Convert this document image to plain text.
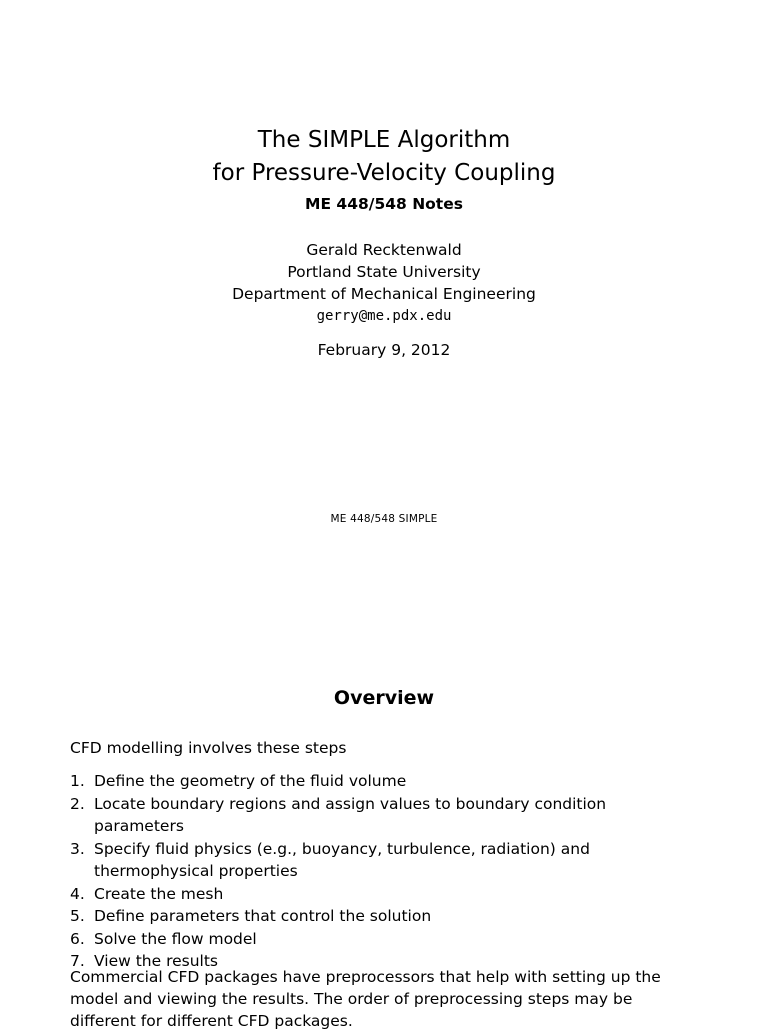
The SIMPLE Algorithm
for Pressure-Velocity Coupling
ME 448/548 Notes
Gerald Recktenwald
Portland State University
Department of Mechanical Engineering
gerry@me.pdx.edu
February 9, 2012
ME 448/548 SIMPLE
Overview
CFD modelling involves these steps
1. Define the geometry of the fluid volume
2. Locate boundary regions and assign values to boundary condition parameters
3. Specify fluid physics (e.g., buoyancy, turbulence, radiation) and thermophysical properties
4. Create the mesh
5. Define parameters that control the solution
6. Solve the flow model
7. View the results
Commercial CFD packages have preprocessors that help with setting up the model and viewing the results. The order of preprocessing steps may be different for different CFD packages.
